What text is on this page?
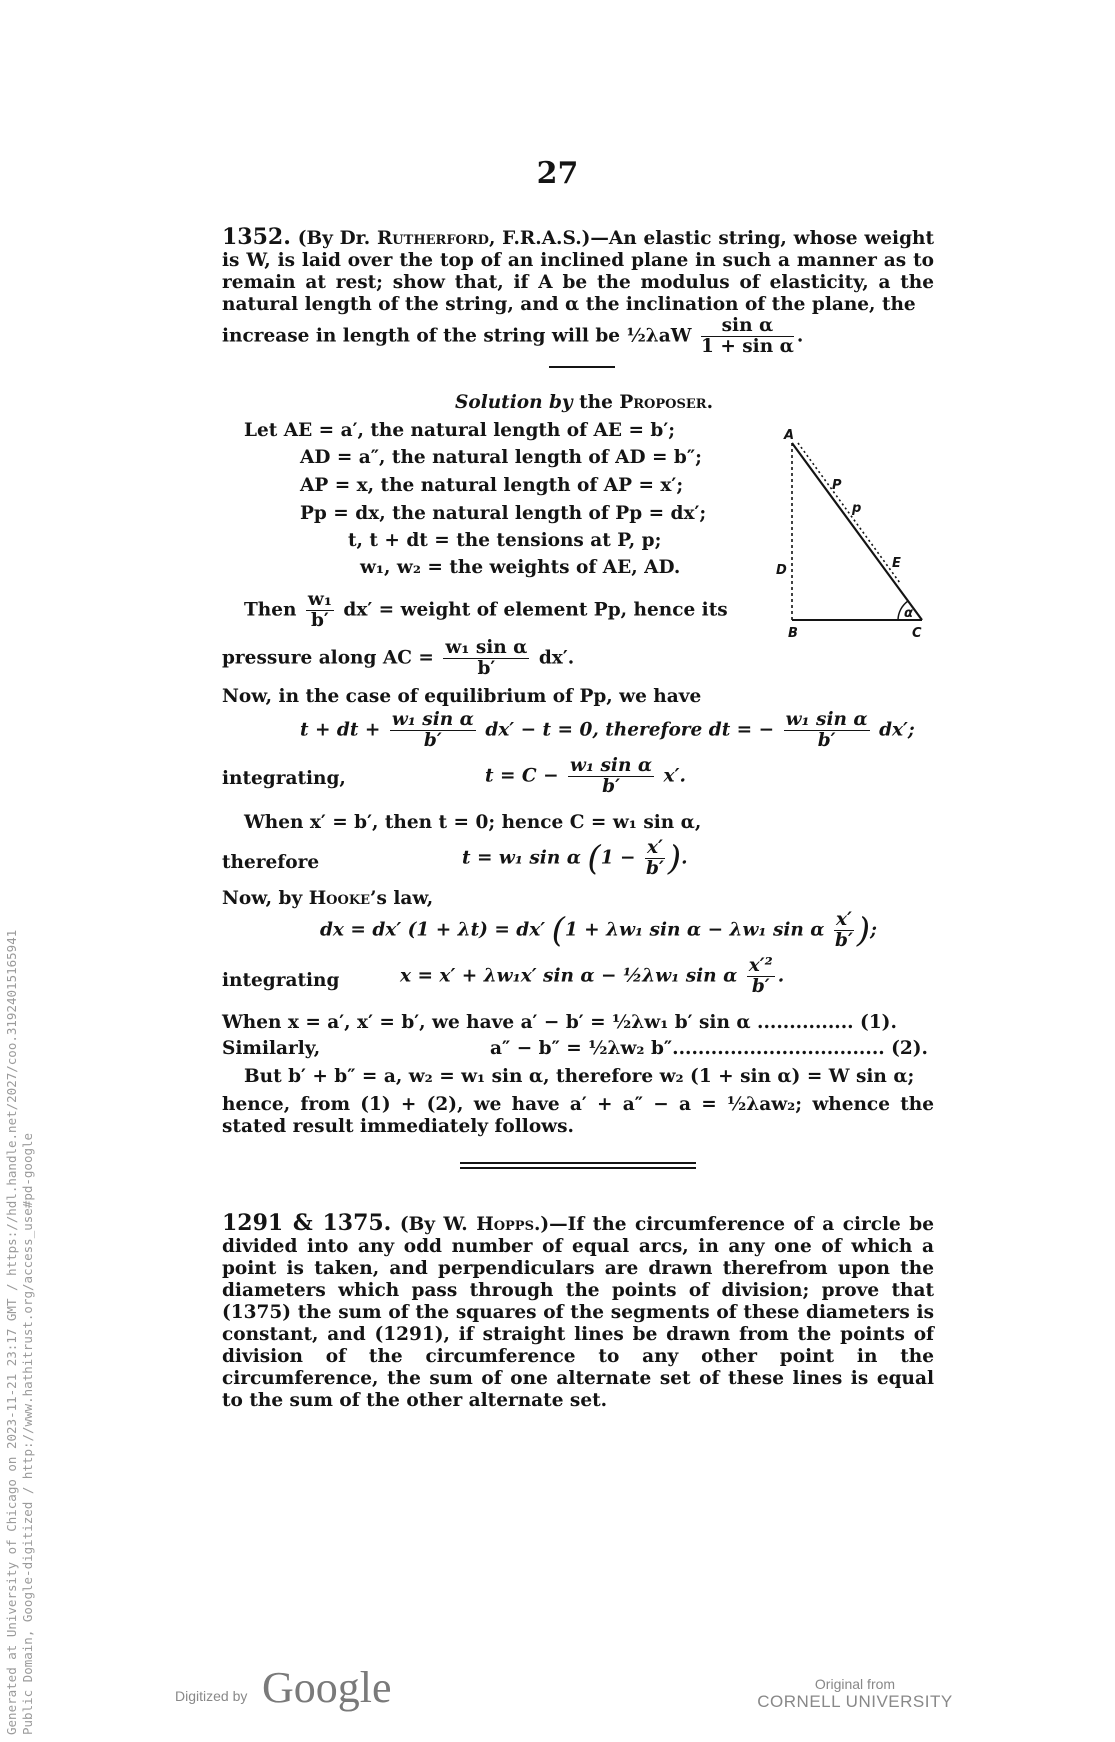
27
1352. (By Dr. Rutherford, F.R.A.S.)—An elastic string, whose weight is W, is laid over the top of an inclined plane in such a manner as to remain at rest; show that, if A be the modulus of elasticity, a the natural length of the string, and α the inclination of the plane, the
increase in length of the string will be ½λaW $\frac{\text{sin α}}{\text{1 + sin α}}$ .
Solution by the Proposer.
Let AE = a′, the natural length of AE = b′;
AD = a″, the natural length of AD = b″;
AP = x, the natural length of AP = x′;
Pp = dx, the natural length of Pp = dx′;
t, t + dt = the tensions at P, p;
w₁, w₂ = the weights of AE, AD.
Then $\frac{\text{w₁}}{b'} dx'$ = weight of element Pp, hence its
pressure along AC = $\frac{\text{w₁ sin α}}{b'} dx'$.
A
P
p
E
D
B	C
α
Now, in the case of equilibrium of Pp, we have
t + dt + $\frac{\text{w₁ sin α}}{b'} dx' - t = 0$, therefore dt = − $\frac{\text{w₁ sin α}}{b'} dx'$;
integrating,	$t = C - \frac{\text{w₁ sin α}}{b'} x'$.
When x′ = b′, then t = 0; hence C = w₁ sin α,
therefore	t = w₁ sin α ($1 - \frac{x'}{b'}$ ).
Now, by Hooke’s law,
dx = dx′ (1 + λt) = dx′ (1 + λw₁ sin α − λw₁ sin α $\frac{x'}{b'}$ );
integrating	x = x′ + λw₁x′ sin α − ½λw₁ sin α $\frac{\text{x′²}}{b'}$ .
When x = a′, x′ = b′, we have a′ − b′ = ½λw₁ b′ sin α ............... (1).
Similarly,	a″ − b″ = ½λw₂ b″................................. (2).
But b′ + b″ = a, w₂ = w₁ sin α, therefore w₂ (1 + sin α) = W sin α;
hence, from (1) + (2), we have a′ + a″ − a = ½λaw₂; whence the stated result immediately follows.
1291 & 1375. (By W. Hopps.)—If the circumference of a circle be divided into any odd number of equal arcs, in any one of which a point is taken, and perpendiculars are drawn therefrom upon the diameters which pass through the points of division; prove that (1375) the sum of the squares of the segments of these diameters is constant, and (1291), if straight lines be drawn from the points of division of the circumference to any other point in the circumference, the sum of one alternate set of these lines is equal to the sum of the other alternate set.
Generated at University of Chicago on 2023-11-21 23:17 GMT / https://hdl.handle.net/2027/coo.31924015165941 Public Domain, Google-digitized / http://www.hathitrust.org/access_use#pd-google	Digitized by Google	Original from
CORNELL UNIVERSITY
